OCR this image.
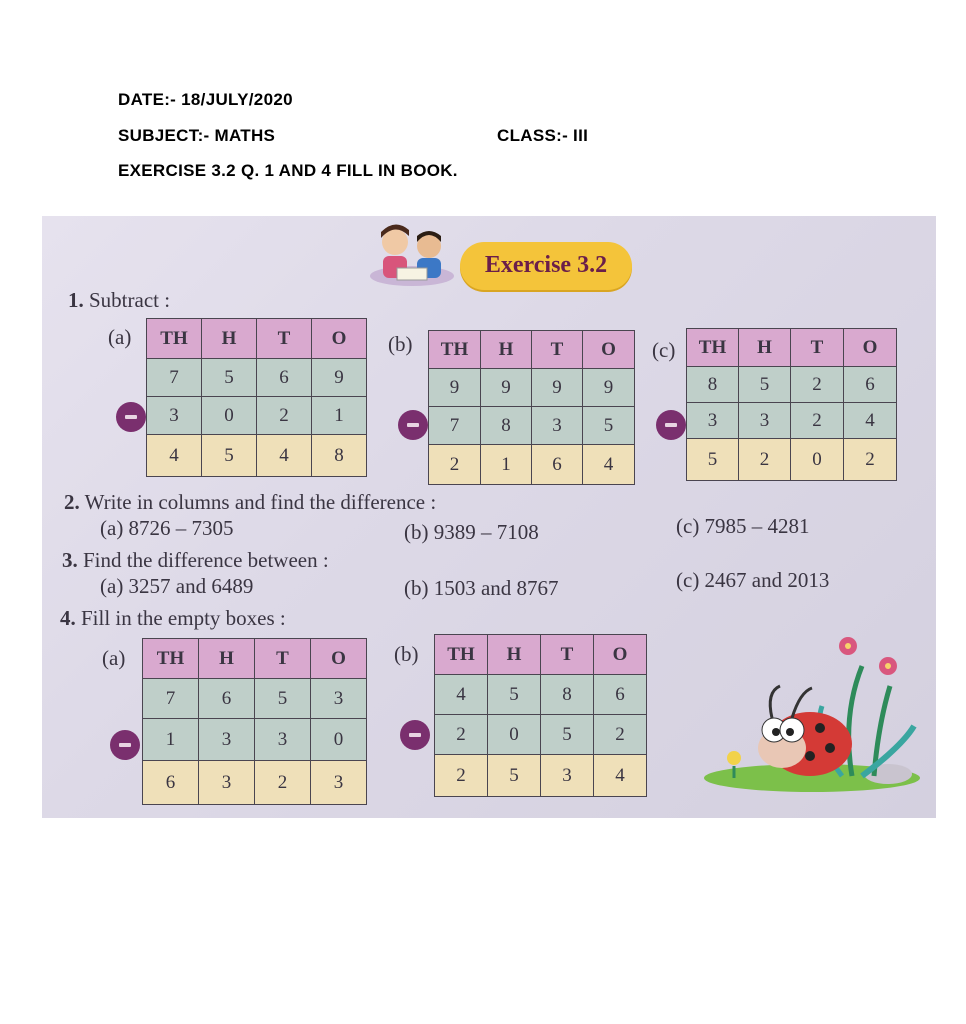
DATE:- 18/JULY/2020
SUBJECT:- MATHS	CLASS:- III
EXERCISE 3.2 Q. 1 AND 4 FILL IN BOOK.
Exercise 3.2
1. Subtract :
(a)	(b)	(c)
TH	H	T	O
7	5	6	9
3	0	2	1
4	5	4	8
TH	H	T	O
9	9	9	9
7	8	3	5
2	1	6	4
TH	H	T	O
8	5	2	6
3	3	2	4
5	2	0	2
2. Write in columns and find the difference :
(a) 8726 – 7305	(b) 9389 – 7108	(c) 7985 – 4281
3. Find the difference between :
(a) 3257 and 6489	(b) 1503 and 8767	(c) 2467 and 2013
4. Fill in the empty boxes :
(a)	(b)
TH	H	T	O
7	6	5	3
1	3	3	0
6	3	2	3
TH	H	T	O
4	5	8	6
2	0	5	2
2	5	3	4
